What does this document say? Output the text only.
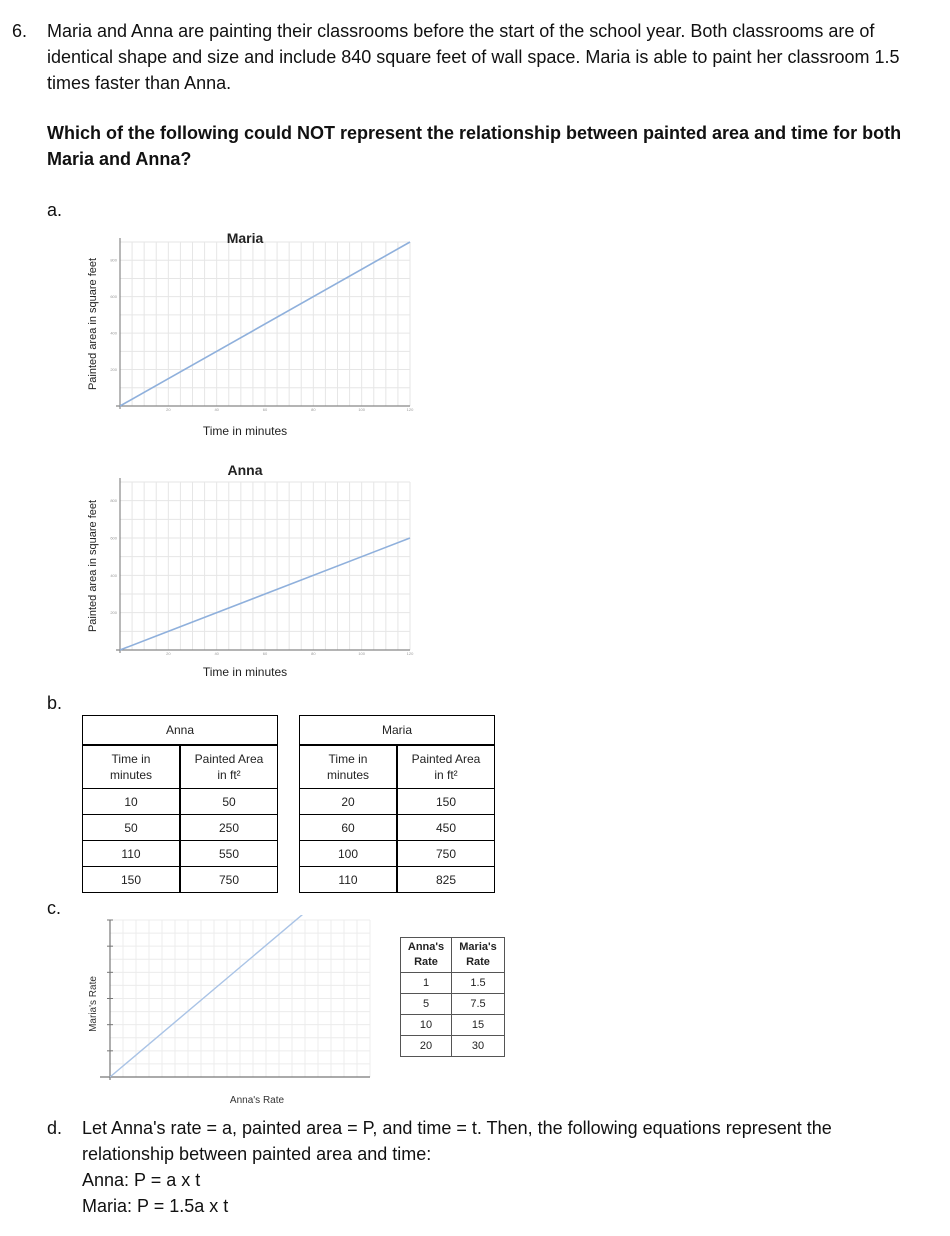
6. Maria and Anna are painting their classrooms before the start of the school year. Both classrooms are of identical shape and size and include 840 square feet of wall space. Maria is able to paint her classroom 1.5 times faster than Anna.
Which of the following could NOT represent the relationship between painted area and time for both Maria and Anna?
a.
20	40	60	80	100	120
200
400
600
800
Maria
Time in minutes
Painted area in square feet
20	40	60	80	100	120
200
400
600
800
Anna
Time in minutes
Painted area in square feet
b.
Anna	
Time in
minutes	Painted Area
in ft²
10	50
50	250
110	550
150	750
Maria	
Time in
minutes	Painted Area
in ft²
20	150
60	450
100	750
110	825
c.
Anna's Rate
Maria's Rate
Anna's
Rate	Maria's
Rate
1	1.5
5	7.5
10	15
20	30
d. Let Anna's rate = a, painted area = P, and time = t. Then, the following equations represent the
relationship between painted area and time:
Anna: P = a x t
Maria: P = 1.5a x t
